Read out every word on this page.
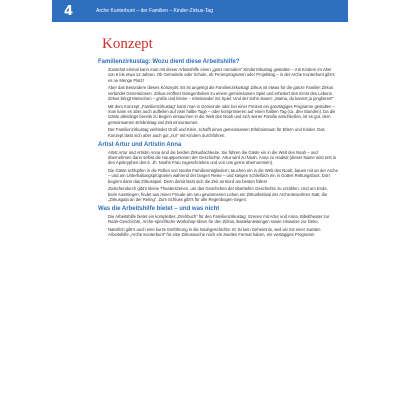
4	Arche Kunterbunt – der Familien – Kinder-Zirkus-Tag
Konzept
Familienzirkustag: Wozu dient diese Arbeitshilfe?

Zunächst einmal kann man mit dieser Arbeitshilfe einen „ganz normalen“ Kinderzirkustag gestalten – mit Kindern im Alter von 6 bis etwa 12 Jahren. Ob Gemeinde oder Schule, ob Ferienprogramm oder Projekttag – in der Arche Kunterbunt gibt’s es ne Menge Platz!

Aber das Besondere dieses Konzepts: Es ist angelegt als Familienzirkustag! Zirkus ist etwas für die ganze Familie! Zirkus verbindet Generationen. Zirkus eröffnet Gelegenheiten zu einem gemeinsamen Spiel und erheitert den Ernst des Lebens. Zirkus bringt Menschen – große und kleine – miteinander ins Spiel. Und der Sohn staunt: „Mama, du kannst ja jonglieren!“

Mit dem Konzept „Familienzirkustag“ kann man in Gemeinde oder bei einer Freizeit ein ganztägiges Programm gestalten – man kann es aber auch aufteilen auf zwei halbe Tage – oder komprimieren auf einen halben Tag (ca. drei Stunden). Da die Gäste allerdings bereits zu Beginn eintauchen in die Welt des Noah und sich seiner Familie anschließen, ist es gut, dem gemeinsamen Erlebnistag viel Zeit einzuräumen.

Der Familienzirkustag verbindet Groß und Klein, schafft einen gemeinsamen Erlebnisraum für Eltern und Kinder. Das Konzept lässt sich aber auch gut „nur“ mit Kindern durchführen.

Artist Artur und Artistin Anna

Artist Artur und Artistin Anna sind die beiden Zirkusfachleute. Sie führen die Gäste ein in die Welt des Noah – und übernehmen dann selbst die Hauptpersonen der Geschichte. Artur wird zu Noah, Anna zu Hadsal (dieser Name wird erst in den Apokryphen des 6. Jh. Noahs Frau zugeschrieben und von uns gerne übernommen).

Die Gäste schlüpfen in die Rollen von Noahs Familienmitgliedern, tauchen ein in die Welt des Noah, bauen mit an der Arche – und am Unterhaltungsprogramm während der langen Reise – und steigen schließlich ein in Gottes Rettungsboot. Dort beginnt dann das Zirkusspiel. Denn damit lässt sich die Zeit an Bord am besten füllen!

Zwischendurch gibt’s kleine Theaterszenen, um das Geschehen der übertiefen Geschichte zu erzählen. Und am Ende, beim Ausstiegen, findet aus reiner Freude am neu gewonnenen Leben ein Zirkusfestival der Arche-Bewohner statt, die „Zirkusgala an der Reling“. Zum Schluss gibt’s für alle Regenbogen-Segen.

Was die Arbeitshilfe bietet – und was nicht

Die Arbeitshilfe bietet ein komplettes „Drehbuch“ für den Familienzirkustag: Szenen mit Artur und Anna, Bibeltheater zur Noah-Geschichte, Arche-spezifische Workshop-Ideen für den Zirkus, Bastelanleitungen sowie Hinweise zur Deko.

Natürlich gibt’s auch eine kurze Einführung in die Noahgeschichte. Er ist kein Geheimnis, weil wir mit einer zweiten Arbeitshilfe „Arche Kunterbunt“ für eine Zirkuswoche noch ein zweites Format haben, ein viertägiges Programm
